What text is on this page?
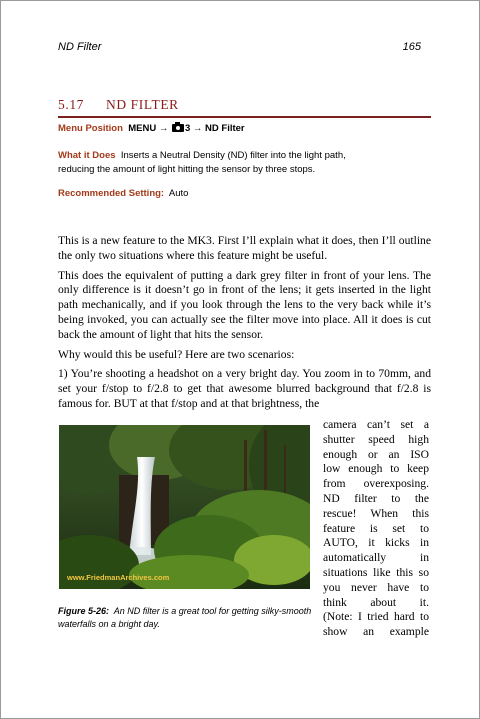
ND Filter	165
5.17 ND FILTER
Menu Position MENU → 3 → ND Filter
What it Does Inserts a Neutral Density (ND) filter into the light path,
reducing the amount of light hitting the sensor by three stops.
Recommended Setting: Auto

This is a new feature to the MK3. First I’ll explain what it does, then I’ll outline the only two situations where this feature might be useful.

This does the equivalent of putting a dark grey filter in front of your lens. The only difference is it doesn’t go in front of the lens; it gets inserted in the light path mechanically, and if you look through the lens to the very back while it’s being invoked, you can actually see the filter move into place. All it does is cut back the amount of light that hits the sensor.

Why would this be useful? Here are two scenarios:

1) You’re shooting a headshot on a very bright day. You zoom in to 70mm, and set your f/stop to f/2.8 to get that awesome blurred background that f/2.8 is famous for. BUT at that f/stop and at that brightness, the

www.FriedmanArchives.com
Figure 5-26: An ND filter is a great tool for getting silky-smooth waterfalls on a bright day.
camera can’t set a
shutter speed high
enough or an ISO
low enough to keep
from overexposing.
ND filter to the
rescue! When this
feature is set to
AUTO, it kicks in
automatically in
situations like this so
you never have to
think about it.
(Note: I tried hard to
show an example
